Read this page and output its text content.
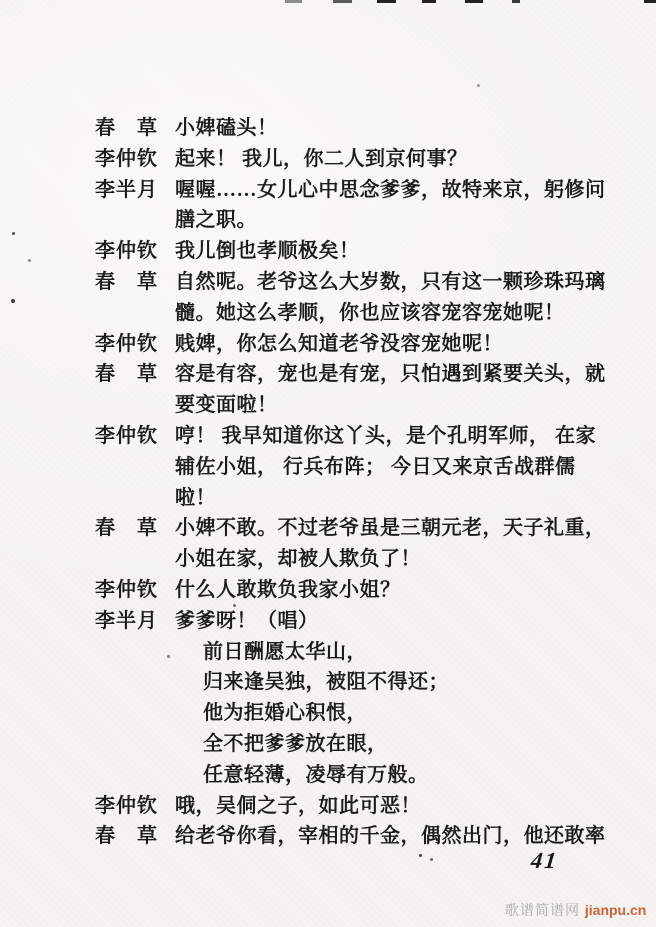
春　草 小婢磕头！
李仲钦 起来！ 我儿，你二人到京何事？
李半月 喔喔……女儿心中思念爹爹，故特来京，躬修问
膳之职。
李仲钦 我儿倒也孝顺极矣！
春　草 自然呢。老爷这么大岁数，只有这一颗珍珠玛璃
髓。她这么孝顺，你也应该容宠容宠她呢！
李仲钦 贱婢，你怎么知道老爷没容宠她呢！
春　草 容是有容，宠也是有宠，只怕遇到紧要关头，就
要变面啦！
李仲钦 哼！ 我早知道你这丫头，是个孔明军师， 在家
辅佐小姐， 行兵布阵； 今日又来京舌战群儒
啦！
春　草 小婢不敢。不过老爷虽是三朝元老，天子礼重，
小姐在家，却被人欺负了！
李仲钦 什么人敢欺负我家小姐？
李半月 爹爹呀！（唱）
前日酬愿太华山，
归来逢吴独，被阻不得还；
他为拒婚心积恨，
全不把爹爹放在眼，
任意轻薄，凌辱有万般。
李仲钦 哦，吴侗之子，如此可恶！
春　草 给老爷你看，宰相的千金，偶然出门，他还敢率
41
歌谱简谱网 jianpu.cn
